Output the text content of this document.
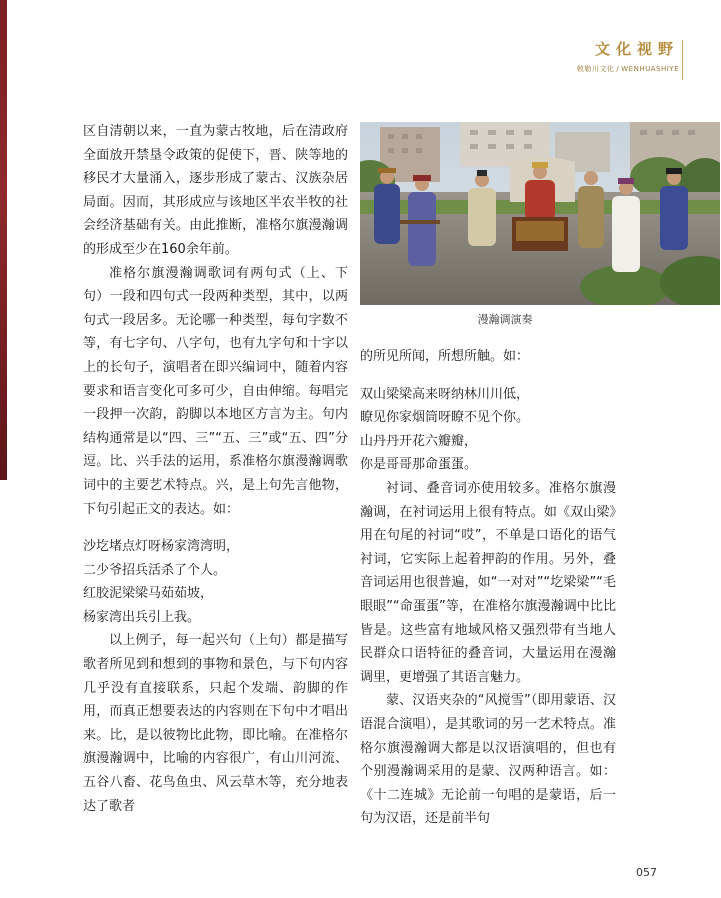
文化视野
敕勒川文化 / WENHUASHIYE

区自清朝以来，一直为蒙古牧地，后在清政府全面放开禁垦令政策的促使下，晋、陕等地的移民才大量涌入，逐步形成了蒙古、汉族杂居局面。因而，其形成应与该地区半农半牧的社会经济基础有关。由此推断，准格尔旗漫瀚调的形成至少在160余年前。

准格尔旗漫瀚调歌词有两句式（上、下句）一段和四句式一段两种类型，其中，以两句式一段居多。无论哪一种类型，每句字数不等，有七字句、八字句，也有九字句和十字以上的长句子，演唱者在即兴编词中，随着内容要求和语言变化可多可少，自由伸缩。每唱完一段押一次韵，韵脚以本地区方言为主。句内结构通常是以“四、三”“五、三”或“五、四”分逗。比、兴手法的运用，系准格尔旗漫瀚调歌词中的主要艺术特点。兴，是上句先言他物，下句引起正文的表达。如：

沙圪堵点灯呀杨家湾湾明，
二少爷招兵活杀了个人。
红胶泥梁梁马茹茹坡，
杨家湾出兵引上我。

以上例子，每一起兴句（上句）都是描写歌者所见到和想到的事物和景色，与下句内容几乎没有直接联系，只起个发端、韵脚的作用，而真正想要表达的内容则在下句中才唱出来。比，是以彼物比此物，即比喻。在准格尔旗漫瀚调中，比喻的内容很广，有山川河流、五谷八畜、花鸟鱼虫、风云草木等，充分地表达了歌者

漫瀚调演奏

的所见所闻，所想所触。如：

双山梁梁高来呀纳林川川低，
瞭见你家烟筒呀瞭不见个你。
山丹丹开花六瓣瓣，
你是哥哥那命蛋蛋。

衬词、叠音词亦使用较多。准格尔旗漫瀚调，在衬词运用上很有特点。如《双山梁》用在句尾的衬词“哎”，不单是口语化的语气衬词，它实际上起着押韵的作用。另外，叠音词运用也很普遍，如“一对对”“圪梁梁”“毛眼眼”“命蛋蛋”等，在准格尔旗漫瀚调中比比皆是。这些富有地域风格又强烈带有当地人民群众口语特征的叠音词，大量运用在漫瀚调里，更增强了其语言魅力。

蒙、汉语夹杂的“风搅雪”（即用蒙语、汉语混合演唱），是其歌词的另一艺术特点。准格尔旗漫瀚调大都是以汉语演唱的，但也有个别漫瀚调采用的是蒙、汉两种语言。如：《十二连城》无论前一句唱的是蒙语，后一句为汉语，还是前半句

057
